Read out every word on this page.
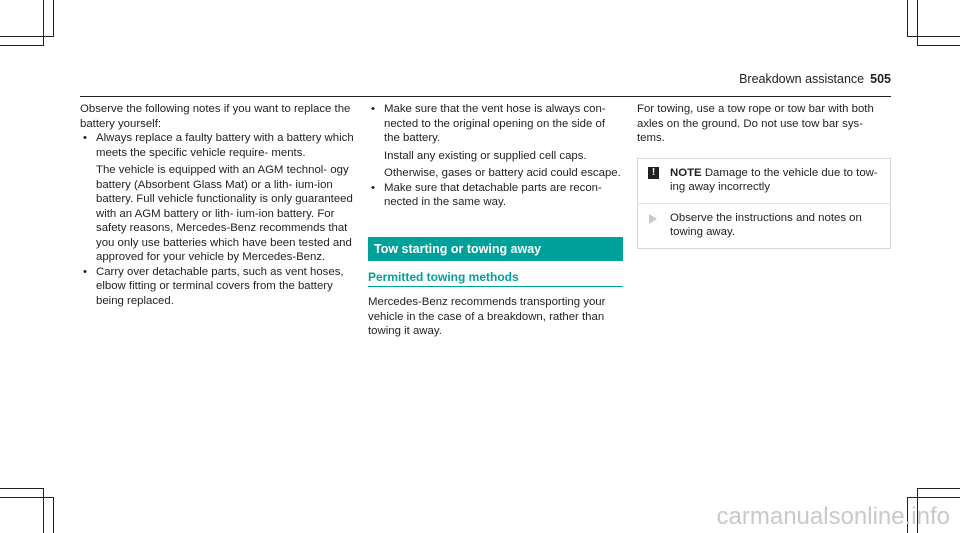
Breakdown assistance 505

Observe the following notes if you want to replace the battery yourself:

• Always replace a faulty battery with a battery which meets the specific vehicle require- ments.

The vehicle is equipped with an AGM technol- ogy battery (Absorbent Glass Mat) or a lith- ium-ion battery. Full vehicle functionality is only guaranteed with an AGM battery or lith- ium-ion battery. For safety reasons, Mercedes-Benz recommends that you only use batteries which have been tested and approved for your vehicle by Mercedes-Benz.

• Carry over detachable parts, such as vent hoses, elbow fitting or terminal covers from the battery being replaced.

• Make sure that the vent hose is always con- nected to the original opening on the side of the battery.

Install any existing or supplied cell caps.

Otherwise, gases or battery acid could escape.

• Make sure that detachable parts are recon- nected in the same way.

Tow starting or towing away
Permitted towing methods

Mercedes-Benz recommends transporting your vehicle in the case of a breakdown, rather than towing it away.

For towing, use a tow rope or tow bar with both axles on the ground. Do not use tow bar sys- tems.

!	NOTE Damage to the vehicle due to tow- ing away incorrectly
Observe the instructions and notes on towing away.
carmanualsonline.info
